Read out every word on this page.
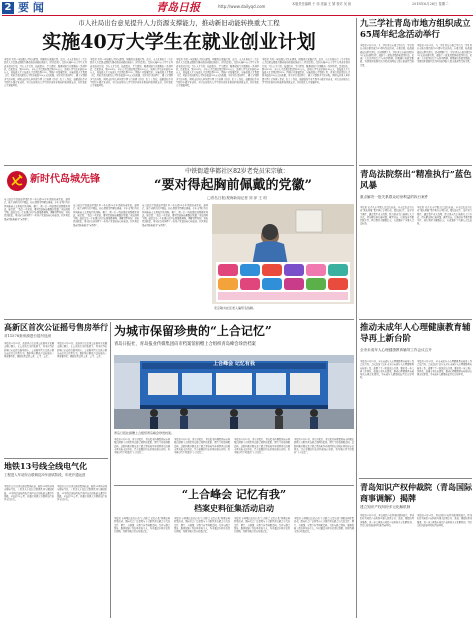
2 要 闻	青岛日报	http://www.dailyqd.com	本版责任编辑 于 伟 美编 王 婧 校对 吴 琼	2018年6月26日 星期二
市人社局出台意见提升人力资源支撑能力，推动新旧动能转换重大工程
实施40万大学生在就业创业计划
本报讯 为进一步加强人才队伍建设，增强青岛发展后劲，近日，市人社局出台《关于提升人力资源支撑能力推动新旧动能转换重大工程的意见》，提出实施40万大学生在青就业创业计划，并在人才引进、技能提升、平台建设、服务保障等方面推出一系列举措。意见提出，到2022年，全市人才资源总量达到230万人，新增大学生就业创业40万人，高技能人才占技能人才比例达到33%。围绕产业发展需求，实施高端人才集聚工程，对新引进的顶尖人才给予最高500万元的奖励，对企业引进的博士、硕士分别给予生活补贴。同时支持用人单位建立博士后科研工作站、院士工作站，鼓励高校毕业生到中小微企业就业，对首次创业的大学生给予创业补贴和担保贷款支持，持续优化人才发展环境。
本报讯 为进一步加强人才队伍建设，增强青岛发展后劲，近日，市人社局出台《关于提升人力资源支撑能力推动新旧动能转换重大工程的意见》，提出实施40万大学生在青就业创业计划，并在人才引进、技能提升、平台建设、服务保障等方面推出一系列举措。意见提出，到2022年，全市人才资源总量达到230万人，新增大学生就业创业40万人，高技能人才占技能人才比例达到33%。围绕产业发展需求，实施高端人才集聚工程，对新引进的顶尖人才给予最高500万元的奖励，对企业引进的博士、硕士分别给予生活补贴。同时支持用人单位建立博士后科研工作站、院士工作站，鼓励高校毕业生到中小微企业就业，对首次创业的大学生给予创业补贴和担保贷款支持，持续优化人才发展环境。
本报讯 为进一步加强人才队伍建设，增强青岛发展后劲，近日，市人社局出台《关于提升人力资源支撑能力推动新旧动能转换重大工程的意见》，提出实施40万大学生在青就业创业计划，并在人才引进、技能提升、平台建设、服务保障等方面推出一系列举措。意见提出，到2022年，全市人才资源总量达到230万人，新增大学生就业创业40万人，高技能人才占技能人才比例达到33%。围绕产业发展需求，实施高端人才集聚工程，对新引进的顶尖人才给予最高500万元的奖励，对企业引进的博士、硕士分别给予生活补贴。同时支持用人单位建立博士后科研工作站、院士工作站，鼓励高校毕业生到中小微企业就业，对首次创业的大学生给予创业补贴和担保贷款支持，持续优化人才发展环境。
本报讯 为进一步加强人才队伍建设，增强青岛发展后劲，近日，市人社局出台《关于提升人力资源支撑能力推动新旧动能转换重大工程的意见》，提出实施40万大学生在青就业创业计划，并在人才引进、技能提升、平台建设、服务保障等方面推出一系列举措。意见提出，到2022年，全市人才资源总量达到230万人，新增大学生就业创业40万人，高技能人才占技能人才比例达到33%。围绕产业发展需求，实施高端人才集聚工程，对新引进的顶尖人才给予最高500万元的奖励，对企业引进的博士、硕士分别给予生活补贴。同时支持用人单位建立博士后科研工作站、院士工作站，鼓励高校毕业生到中小微企业就业，对首次创业的大学生给予创业补贴和担保贷款支持，持续优化人才发展环境。
九三学社青岛市地方组织成立65周年纪念活动举行
本报讯 6月25日，九三学社青岛市委会举行九三学社青岛市地方组织成立65周年纪念活动。市委常委、统战部部长出席并讲话。活动回顾了九三学社青岛市地方组织65年来的光辉历程，表彰了一批先进集体和优秀社员，希望广大社员坚持民主与科学精神，积极履行参政党职能，为建设开放现代活力时尚的国际大都市贡献智慧和力量。
本报讯 6月25日，九三学社青岛市委会举行九三学社青岛市地方组织成立65周年纪念活动。市委常委、统战部部长出席并讲话。活动回顾了九三学社青岛市地方组织65年来的光辉历程，表彰了一批先进集体和优秀社员，希望广大社员坚持民主与科学精神，积极履行参政党职能，为建设开放现代活力时尚的国际大都市贡献智慧和力量。
新时代岛城先锋
中铁街道华都社区82岁老党员宋宗敏：
“要对得起胸前佩戴的党徽”
□青岛日报/观海新闻记者 刘 萍 王 玥
宋宗敏是中铁街道华都社区一名有着60多年党龄的老党员。退休后，她主动担任社区楼长，热心帮助邻里解决困难，多年来坚持为社区困难老人义务编织毛线鞋、帽子，把一针一线的温暖送到群众身边。她常说：“我是一名党员，要对得起胸前佩戴的党徽。”无论刮风下雨，她总是第一个出现在社区志愿服务现场，调解邻里纠纷，宣传党的政策，用实际行动诠释了一名共产党员的初心和使命。社区居民都亲切地称她为“宋妈妈”。
宋宗敏是中铁街道华都社区一名有着60多年党龄的老党员。退休后，她主动担任社区楼长，热心帮助邻里解决困难，多年来坚持为社区困难老人义务编织毛线鞋、帽子，把一针一线的温暖送到群众身边。她常说：“我是一名党员，要对得起胸前佩戴的党徽。”无论刮风下雨，她总是第一个出现在社区志愿服务现场，调解邻里纠纷，宣传党的政策，用实际行动诠释了一名共产党员的初心和使命。社区居民都亲切地称她为“宋妈妈”。
宋宗敏是中铁街道华都社区一名有着60多年党龄的老党员。退休后，她主动担任社区楼长，热心帮助邻里解决困难，多年来坚持为社区困难老人义务编织毛线鞋、帽子，把一针一线的温暖送到群众身边。她常说：“我是一名党员，要对得起胸前佩戴的党徽。”无论刮风下雨，她总是第一个出现在社区志愿服务现场，调解邻里纠纷，宣传党的政策，用实际行动诠释了一名共产党员的初心和使命。社区居民都亲切地称她为“宋妈妈”。
宋宗敏为社区老人编织毛线鞋。
青岛法院祭出“精准执行”蓝色风暴
重点解决一批关系群众切身利益的执行案件
本报讯 记者从市中级人民法院获悉，全市法院近日启动“蓝色风暴”集中执行专项行动，聚焦涉民生、涉企业等案件，通过集中查人找物、联合惩戒失信被执行人等方式，切实解决执行难问题。截至目前，已执结各类案件数千件，执行到位金额数亿元，有效维护了当事人合法权益。
本报讯 记者从市中级人民法院获悉，全市法院近日启动“蓝色风暴”集中执行专项行动，聚焦涉民生、涉企业等案件，通过集中查人找物、联合惩戒失信被执行人等方式，切实解决执行难问题。截至目前，已执结各类案件数千件，执行到位金额数亿元，有效维护了当事人合法权益。
高新区首次公证摇号售房举行
对11578套房源进行摇号选房
本报讯 6月25日，高新区首次采用公证摇号方式确定购房顺序，在公证机关全程监督下，对本次登记的购房家庭进行摇号排序。公证摇号售房是我市规范商品住房销售行为、维护购房群众合法权益的一项重要举措，确保销售过程公开、公平、公正。
本报讯 6月25日，高新区首次采用公证摇号方式确定购房顺序，在公证机关全程监督下，对本次登记的购房家庭进行摇号排序。公证摇号售房是我市规范商品住房销售行为、维护购房群众合法权益的一项重要举措，确保销售过程公开、公平、公正。
地铁13号线全线电气化
工程进入车站综合联调及冲车测试阶段，年底开通运营
本报讯 记者从青岛地铁集团获悉，地铁13号线全线实现电气化，工程进入车站综合联调及冲车测试阶段。13号线是连接西海岸新区南北的轨道交通骨干线路，全长约70公里，开通后将极大方便西海岸新区市民出行。
本报讯 记者从青岛地铁集团获悉，地铁13号线全线实现电气化，工程进入车站综合联调及冲车测试阶段。13号线是连接西海岸新区南北的轨道交通骨干线路，全长约70公里，开通后将极大方便西海岸新区市民出行。
为城市保留珍贵的“上合记忆”
青岛日报社、青岛报业传媒集团向市档案馆捐赠上合组织青岛峰会珍贵档案
上合峰会 记忆有我
青岛日报社捐赠上合组织青岛峰会珍贵档案。
本报讯 6月25日，青岛日报社、青岛报业传媒集团向市档案馆捐赠上合组织青岛峰会期间的报纸、照片等珍贵档案资料。这批档案全面记录了峰会筹备和举办期间青岛的城市风貌和市民风采，具有重要的历史价值和保存价值，将为城市留下珍贵的“上合记忆”。
本报讯 6月25日，青岛日报社、青岛报业传媒集团向市档案馆捐赠上合组织青岛峰会期间的报纸、照片等珍贵档案资料。这批档案全面记录了峰会筹备和举办期间青岛的城市风貌和市民风采，具有重要的历史价值和保存价值，将为城市留下珍贵的“上合记忆”。
本报讯 6月25日，青岛日报社、青岛报业传媒集团向市档案馆捐赠上合组织青岛峰会期间的报纸、照片等珍贵档案资料。这批档案全面记录了峰会筹备和举办期间青岛的城市风貌和市民风采，具有重要的历史价值和保存价值，将为城市留下珍贵的“上合记忆”。
本报讯 6月25日，青岛日报社、青岛报业传媒集团向市档案馆捐赠上合组织青岛峰会期间的报纸、照片等珍贵档案资料。这批档案全面记录了峰会筹备和举办期间青岛的城市风貌和市民风采，具有重要的历史价值和保存价值，将为城市留下珍贵的“上合记忆”。
“上合峰会 记忆有我”
档案史料征集活动启动
本报讯 市档案馆近日启动“上合峰会 记忆有我”档案史料征集活动，面向社会广泛征集与上合组织青岛峰会有关的文件、照片、音视频、实物等各类档案资料。凡参与峰会筹备、服务保障工作的单位和个人，均可通过多种方式进行捐赠，共同为城市留存珍贵记忆。
本报讯 市档案馆近日启动“上合峰会 记忆有我”档案史料征集活动，面向社会广泛征集与上合组织青岛峰会有关的文件、照片、音视频、实物等各类档案资料。凡参与峰会筹备、服务保障工作的单位和个人，均可通过多种方式进行捐赠，共同为城市留存珍贵记忆。
本报讯 市档案馆近日启动“上合峰会 记忆有我”档案史料征集活动，面向社会广泛征集与上合组织青岛峰会有关的文件、照片、音视频、实物等各类档案资料。凡参与峰会筹备、服务保障工作的单位和个人，均可通过多种方式进行捐赠，共同为城市留存珍贵记忆。
本报讯 市档案馆近日启动“上合峰会 记忆有我”档案史料征集活动，面向社会广泛征集与上合组织青岛峰会有关的文件、照片、音视频、实物等各类档案资料。凡参与峰会筹备、服务保障工作的单位和个人，均可通过多种方式进行捐赠，共同为城市留存珍贵记忆。
推动未成年人心理健康教育辅导再上新台阶
全市未成年人心理健康教育辅导工作会议召开
本报讯 6月25日，全市未成年人心理健康教育辅导工作会议召开。会议总结了近年来全市未成年人心理健康教育辅导工作，部署了下一阶段重点任务，要求进一步完善工作体系，加强专业队伍建设，推动心理健康教育辅导站点规范化建设，为未成年人健康成长营造良好环境。
本报讯 6月25日，全市未成年人心理健康教育辅导工作会议召开。会议总结了近年来全市未成年人心理健康教育辅导工作，部署了下一阶段重点任务，要求进一步完善工作体系，加强专业队伍建设，推动心理健康教育辅导站点规范化建设，为未成年人健康成长营造良好环境。
青岛知识产权仲裁院（青岛国际商事调解）揭牌
建立知识产权纠纷多元化解机制
本报讯 6月25日，青岛知识产权仲裁院揭牌成立。仲裁院将为知识产权纠纷当事人提供专业、高效、便捷的仲裁服务，进一步完善我市知识产权纠纷多元化解机制，营造良好的创新环境和营商环境。
本报讯 6月25日，青岛知识产权仲裁院揭牌成立。仲裁院将为知识产权纠纷当事人提供专业、高效、便捷的仲裁服务，进一步完善我市知识产权纠纷多元化解机制，营造良好的创新环境和营商环境。
